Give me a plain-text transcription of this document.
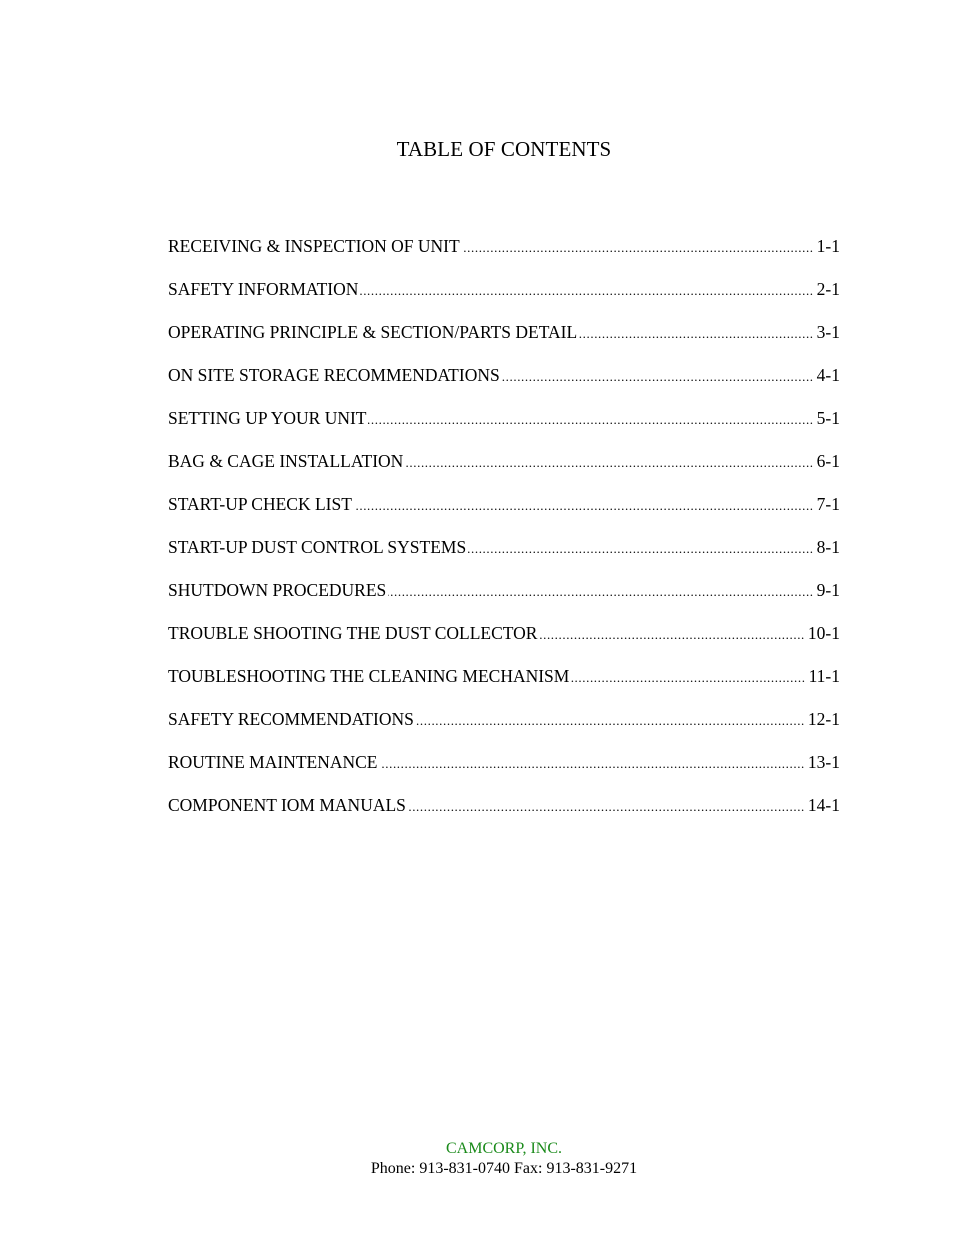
TABLE OF CONTENTS
RECEIVING & INSPECTION OF UNIT .....	1-1
SAFETY INFORMATION .....	2-1
OPERATING PRINCIPLE & SECTION/PARTS DETAIL .....	3-1
ON SITE STORAGE RECOMMENDATIONS .....	4-1
SETTING UP YOUR UNIT .....	5-1
BAG & CAGE INSTALLATION .....	6-1
START-UP CHECK LIST .....	7-1
START-UP DUST CONTROL SYSTEMS .....	8-1
SHUTDOWN PROCEDURES .....	9-1
TROUBLE SHOOTING THE DUST COLLECTOR .....	10-1
TOUBLESHOOTING THE CLEANING MECHANISM .....	11-1
SAFETY RECOMMENDATIONS .....	12-1
ROUTINE MAINTENANCE .....	13-1
COMPONENT IOM MANUALS .....	14-1
CAMCORP, INC.
Phone: 913-831-0740 Fax: 913-831-9271
